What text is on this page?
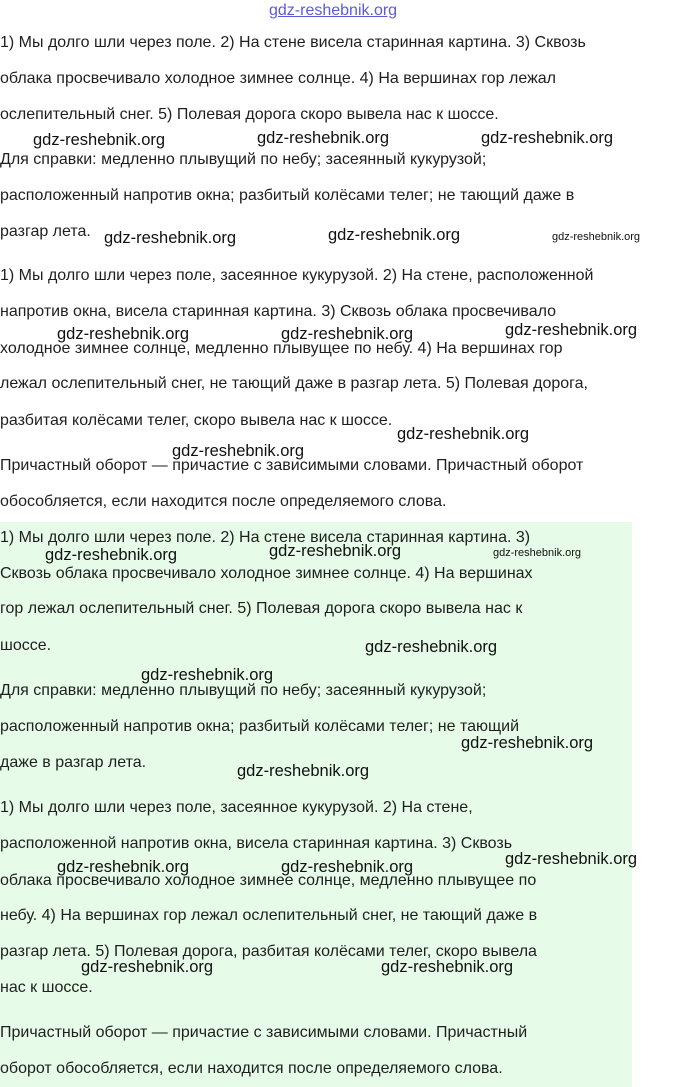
gdz-reshebnik.org
1) Мы долго шли через поле. 2) На стене висела старинная картина. 3) Сквозь
облака просвечивало холодное зимнее солнце. 4) На вершинах гор лежал
ослепительный снег. 5) Полевая дорога скоро вывела нас к шоссе.
Для справки: медленно плывущий по небу; засеянный кукурузой;
расположенный напротив окна; разбитый колёсами телег; не тающий даже в
разгар лета.
1) Мы долго шли через поле, засеянное кукурузой. 2) На стене, расположенной
напротив окна, висела старинная картина. 3) Сквозь облака просвечивало
холодное зимнее солнце, медленно плывущее по небу. 4) На вершинах гор
лежал ослепительный снег, не тающий даже в разгар лета. 5) Полевая дорога,
разбитая колёсами телег, скоро вывела нас к шоссе.
Причастный оборот — причастие с зависимыми словами. Причастный оборот
обособляется, если находится после определяемого слова.
1) Мы долго шли через поле. 2) На стене висела старинная картина. 3)
Сквозь облака просвечивало холодное зимнее солнце. 4) На вершинах
гор лежал ослепительный снег. 5) Полевая дорога скоро вывела нас к
шоссе.
Для справки: медленно плывущий по небу; засеянный кукурузой;
расположенный напротив окна; разбитый колёсами телег; не тающий
даже в разгар лета.
1) Мы долго шли через поле, засеянное кукурузой. 2) На стене,
расположенной напротив окна, висела старинная картина. 3) Сквозь
облака просвечивало холодное зимнее солнце, медленно плывущее по
небу. 4) На вершинах гор лежал ослепительный снег, не тающий даже в
разгар лета. 5) Полевая дорога, разбитая колёсами телег, скоро вывела
нас к шоссе.
Причастный оборот — причастие с зависимыми словами. Причастный
оборот обособляется, если находится после определяемого слова.
gdz-reshebnik.org	gdz-reshebnik.org	gdz-reshebnik.org
gdz-reshebnik.org	gdz-reshebnik.org	gdz-reshebnik.org
gdz-reshebnik.org	gdz-reshebnik.org	gdz-reshebnik.org
gdz-reshebnik.org
gdz-reshebnik.org
gdz-reshebnik.org	gdz-reshebnik.org	gdz-reshebnik.org
gdz-reshebnik.org
gdz-reshebnik.org
gdz-reshebnik.org
gdz-reshebnik.org
gdz-reshebnik.org
gdz-reshebnik.org	gdz-reshebnik.org
gdz-reshebnik.org	gdz-reshebnik.org
